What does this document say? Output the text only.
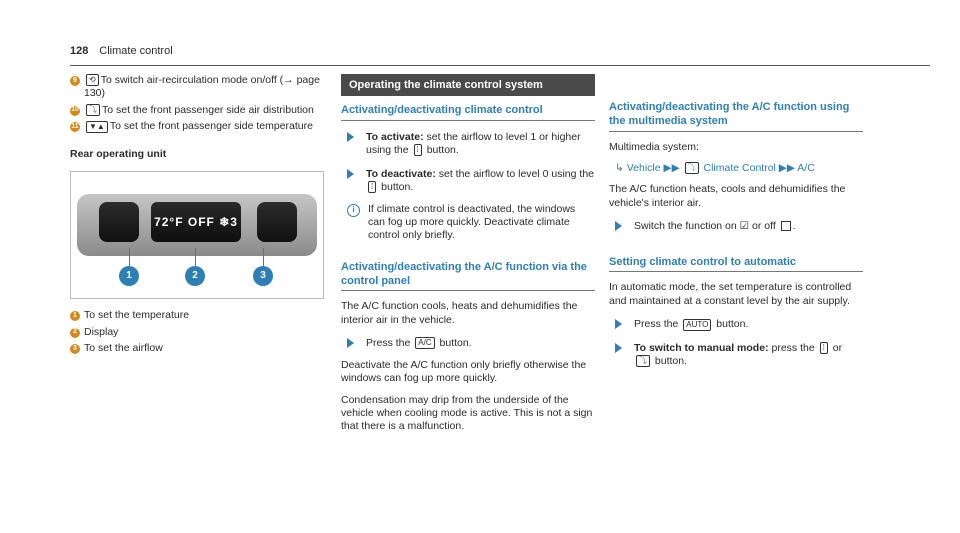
128 Climate control
9	⟲ To switch air-recirculation mode on/off (→ page 130)
10	⤵ To set the front passenger side air distribution
11	▼▲ To set the front passenger side temperature
Rear operating unit
72°F OFF ❄3
1	2	3
1 To set the temperature
2 Display
3 To set the airflow
Operating the climate control system
Activating/deactivating climate control
To activate: set the airflow to level 1 or higher using the ⁞ button.
To deactivate: set the airflow to level 0 using the ⁞ button.
i	If climate control is deactivated, the windows can fog up more quickly. Deactivate climate control only briefly.
Activating/deactivating the A/C function via the control panel

The A/C function cools, heats and dehumidifies the interior air in the vehicle.

Press the A/C button.

Deactivate the A/C function only briefly otherwise the windows can fog up more quickly.

Condensation may drip from the underside of the vehicle when cooling mode is active. This is not a sign that there is a malfunction.

Activating/deactivating the A/C function using the multimedia system

Multimedia system:

↳ Vehicle ▶▶ ⤵ Climate Control ▶▶ A/C

The A/C function heats, cools and dehumidifies the vehicle's interior air.

Switch the function on ☑ or off .
Setting climate control to automatic

In automatic mode, the set temperature is controlled and maintained at a constant level by the air supply.

Press the AUTO button.
To switch to manual mode: press the ⁞ or ⤵ button.
